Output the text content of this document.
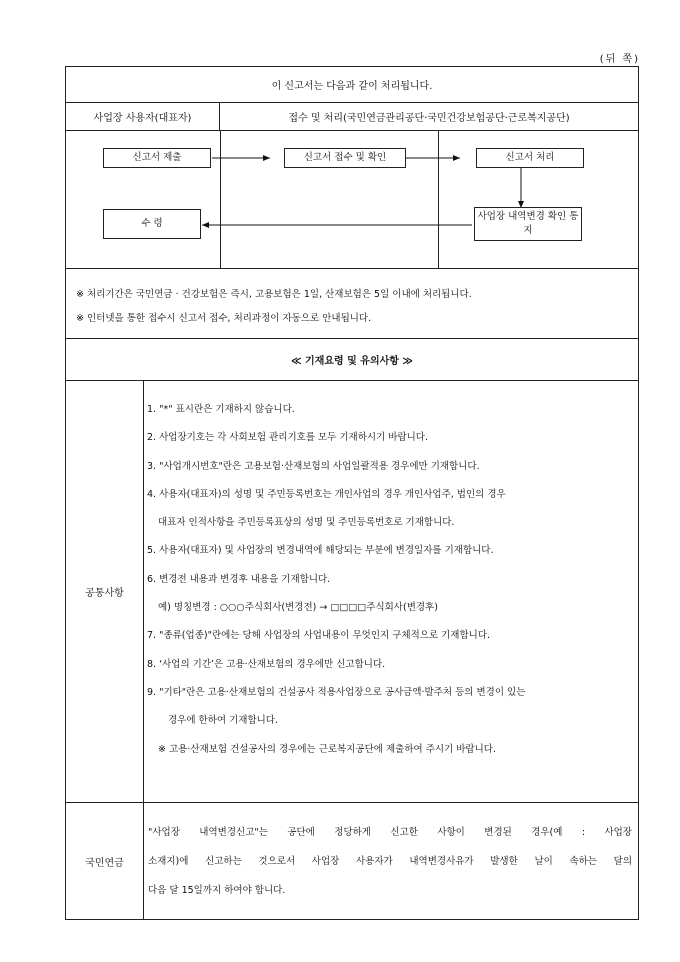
(뒤 쪽)
이 신고서는 다음과 같이 처리됩니다.
사업장 사용자(대표자)	접수 및 처리(국민연금관리공단·국민건강보험공단·근로복지공단)
신고서 제출	신고서 접수 및 확인	신고서 처리
사업장 내역변경 확인 통지
수 령
※ 처리기간은 국민연금 · 건강보험은 즉시, 고용보험은 1일, 산재보험은 5일 이내에 처리됩니다.
※ 인터넷을 통한 접수시 신고서 접수, 처리과정이 자동으로 안내됩니다.
≪ 기재요령 및 유의사항 ≫
공통사항
1. "*" 표시란은 기재하지 않습니다.
2. 사업장기호는 각 사회보험 관리기호를 모두 기재하시기 바랍니다.
3. "사업개시번호"란은 고용보험·산재보험의 사업일괄적용 경우에만 기재합니다.
4. 사용자(대표자)의 성명 및 주민등록번호는 개인사업의 경우 개인사업주, 법인의 경우
대표자 인적사항을 주민등록표상의 성명 및 주민등록번호로 기재합니다.
5. 사용자(대표자) 및 사업장의 변경내역에 해당되는 부분에 변경일자를 기재합니다.
6. 변경전 내용과 변경후 내용을 기재합니다.
예) 명칭변경 : ○○○주식회사(변경전) → □□□□주식회사(변경후)
7. "종류(업종)"란에는 당해 사업장의 사업내용이 무엇인지 구체적으로 기재합니다.
8. ‘사업의 기간’은 고용·산재보험의 경우에만 신고합니다.
9. "기타"란은 고용·산재보험의 건설공사 적용사업장으로 공사금액·발주처 등의 변경이 있는
경우에 한하여 기재합니다.
※ 고용·산재보험 건설공사의 경우에는 근로복지공단에 제출하여 주시기 바랍니다.
국민연금
"사업장 내역변경신고"는 공단에 정당하게 신고한 사항이 변경된 경우(예 : 사업장
소재지)에 신고하는 것으로서 사업장 사용자가 내역변경사유가 발생한 날이 속하는 달의
다음 달 15일까지 하여야 합니다.
